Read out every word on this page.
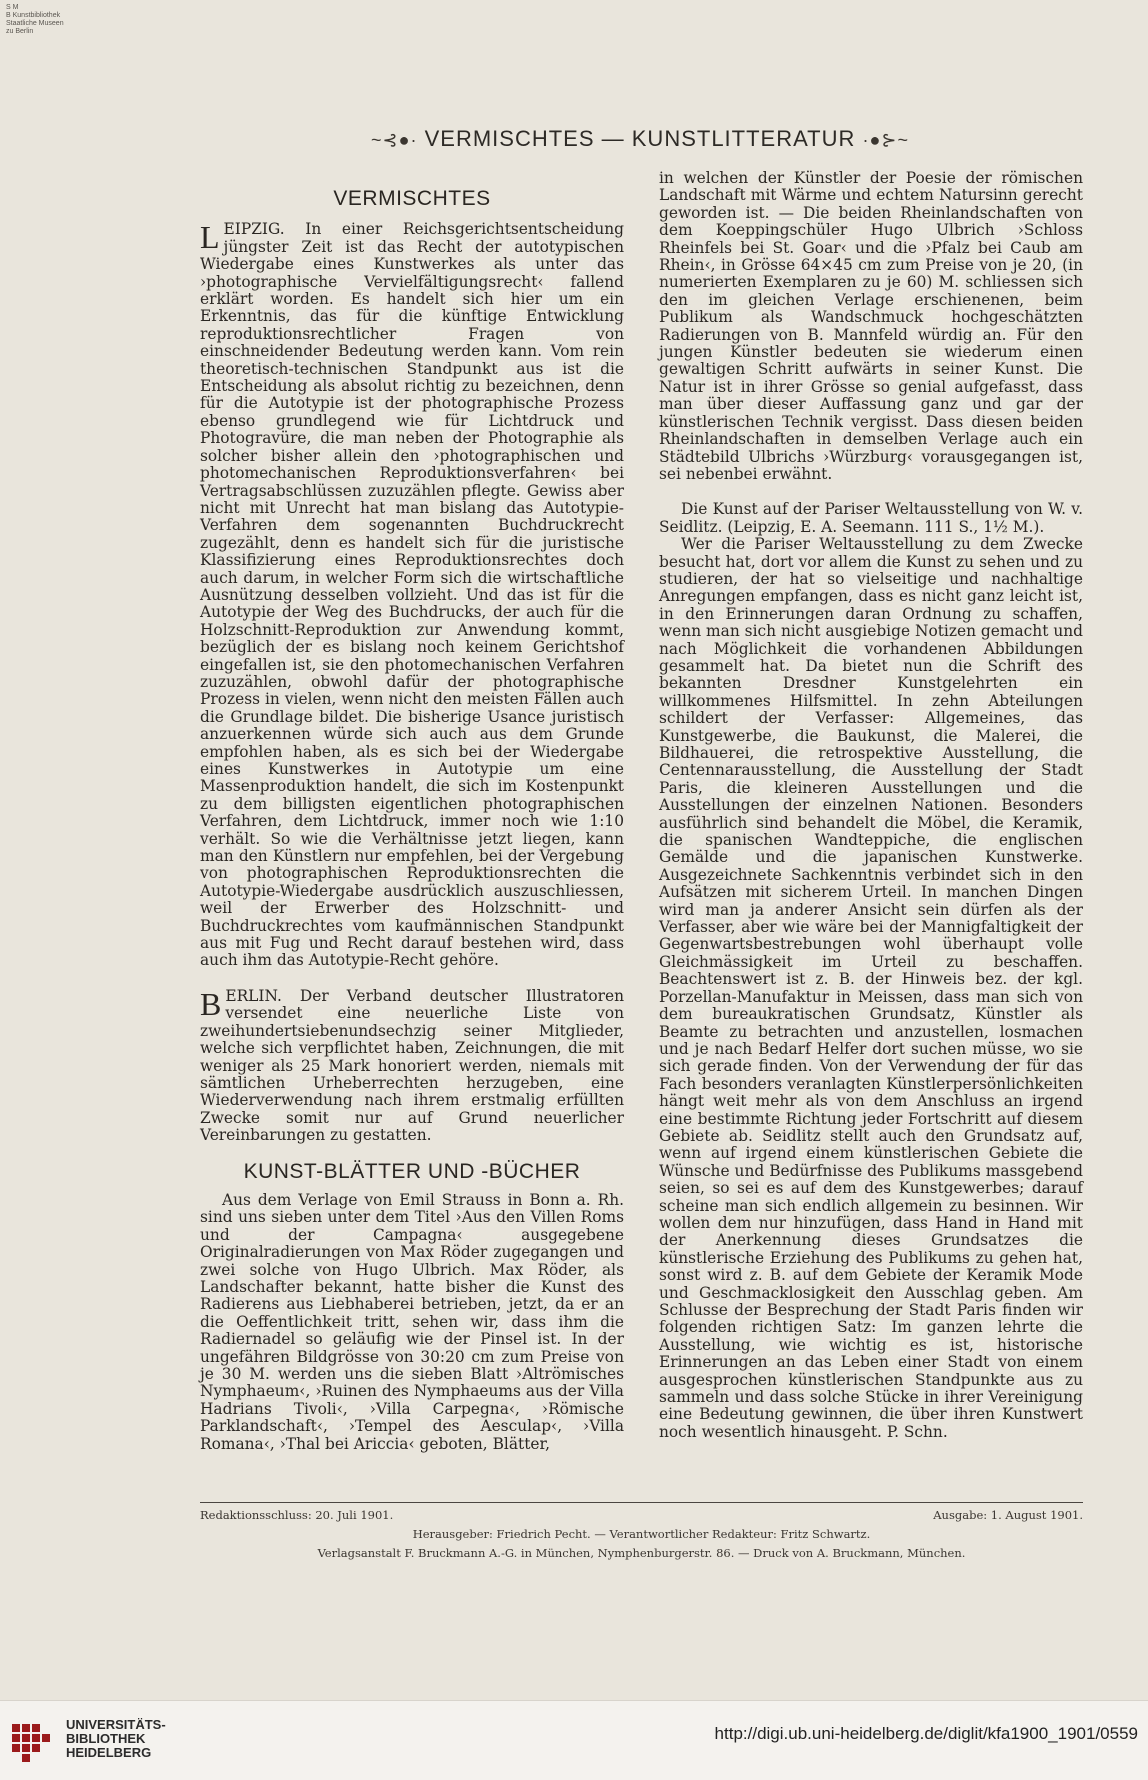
S M
B Kunstbibliothek
Staatliche Museen
zu Berlin
~⊰●· VERMISCHTES — KUNSTLITTERATUR ·●⊱~
VERMISCHTES

LEIPZIG. In einer Reichsgerichtsentscheidung jüngster Zeit ist das Recht der autotypischen Wiedergabe eines Kunstwerkes als unter das ›photographische Vervielfältigungsrecht‹ fallend erklärt worden. Es handelt sich hier um ein Erkenntnis, das für die künftige Entwicklung reproduktionsrechtlicher Fragen von einschneidender Bedeutung werden kann. Vom rein theoretisch-technischen Standpunkt aus ist die Entscheidung als absolut richtig zu bezeichnen, denn für die Autotypie ist der photographische Prozess ebenso grundlegend wie für Lichtdruck und Photogravüre, die man neben der Photographie als solcher bisher allein den ›photographischen und photomechanischen Reproduktionsverfahren‹ bei Vertragsabschlüssen zuzuzählen pflegte. Gewiss aber nicht mit Unrecht hat man bislang das Autotypie-Verfahren dem sogenannten Buchdruckrecht zugezählt, denn es handelt sich für die juristische Klassifizierung eines Reproduktionsrechtes doch auch darum, in welcher Form sich die wirtschaftliche Ausnützung desselben vollzieht. Und das ist für die Autotypie der Weg des Buchdrucks, der auch für die Holzschnitt-Reproduktion zur Anwendung kommt, bezüglich der es bislang noch keinem Gerichtshof eingefallen ist, sie den photomechanischen Verfahren zuzuzählen, obwohl dafür der photographische Prozess in vielen, wenn nicht den meisten Fällen auch die Grundlage bildet. Die bisherige Usance juristisch anzuerkennen würde sich auch aus dem Grunde empfohlen haben, als es sich bei der Wiedergabe eines Kunstwerkes in Autotypie um eine Massenproduktion handelt, die sich im Kostenpunkt zu dem billigsten eigentlichen photographischen Verfahren, dem Lichtdruck, immer noch wie 1:10 verhält. So wie die Verhältnisse jetzt liegen, kann man den Künstlern nur empfehlen, bei der Vergebung von photographischen Reproduktionsrechten die Autotypie-Wiedergabe ausdrücklich auszuschliessen, weil der Erwerber des Holzschnitt- und Buchdruckrechtes vom kaufmännischen Standpunkt aus mit Fug und Recht darauf bestehen wird, dass auch ihm das Autotypie-Recht gehöre.

BERLIN. Der Verband deutscher Illustratoren versendet eine neuerliche Liste von zweihundertsiebenundsechzig seiner Mitglieder, welche sich verpflichtet haben, Zeichnungen, die mit weniger als 25 Mark honoriert werden, niemals mit sämtlichen Urheberrechten herzugeben, eine Wiederverwendung nach ihrem erstmalig erfüllten Zwecke somit nur auf Grund neuerlicher Vereinbarungen zu gestatten.

KUNST-BLÄTTER UND -BÜCHER

Aus dem Verlage von Emil Strauss in Bonn a. Rh. sind uns sieben unter dem Titel ›Aus den Villen Roms und der Campagna‹ ausgegebene Originalradierungen von Max Röder zugegangen und zwei solche von Hugo Ulbrich. Max Röder, als Landschafter bekannt, hatte bisher die Kunst des Radierens aus Liebhaberei betrieben, jetzt, da er an die Oeffentlichkeit tritt, sehen wir, dass ihm die Radiernadel so geläufig wie der Pinsel ist. In der ungefähren Bildgrösse von 30:20 cm zum Preise von je 30 M. werden uns die sieben Blatt ›Altrömisches Nymphaeum‹, ›Ruinen des Nymphaeums aus der Villa Hadrians Tivoli‹, ›Villa Carpegna‹, ›Römische Parklandschaft‹, ›Tempel des Aesculap‹, ›Villa Romana‹, ›Thal bei Ariccia‹ geboten, Blätter,

in welchen der Künstler der Poesie der römischen Landschaft mit Wärme und echtem Natursinn gerecht geworden ist. — Die beiden Rheinlandschaften von dem Koeppingschüler Hugo Ulbrich ›Schloss Rheinfels bei St. Goar‹ und die ›Pfalz bei Caub am Rhein‹, in Grösse 64×45 cm zum Preise von je 20, (in numerierten Exemplaren zu je 60) M. schliessen sich den im gleichen Verlage erschienenen, beim Publikum als Wandschmuck hochgeschätzten Radierungen von B. Mannfeld würdig an. Für den jungen Künstler bedeuten sie wiederum einen gewaltigen Schritt aufwärts in seiner Kunst. Die Natur ist in ihrer Grösse so genial aufgefasst, dass man über dieser Auffassung ganz und gar der künstlerischen Technik vergisst. Dass diesen beiden Rheinlandschaften in demselben Verlage auch ein Städtebild Ulbrichs ›Würzburg‹ vorausgegangen ist, sei nebenbei erwähnt.

Die Kunst auf der Pariser Weltausstellung von W. v. Seidlitz. (Leipzig, E. A. Seemann. 111 S., 1½ M.).

Wer die Pariser Weltausstellung zu dem Zwecke besucht hat, dort vor allem die Kunst zu sehen und zu studieren, der hat so vielseitige und nachhaltige Anregungen empfangen, dass es nicht ganz leicht ist, in den Erinnerungen daran Ordnung zu schaffen, wenn man sich nicht ausgiebige Notizen gemacht und nach Möglichkeit die vorhandenen Abbildungen gesammelt hat. Da bietet nun die Schrift des bekannten Dresdner Kunstgelehrten ein willkommenes Hilfsmittel. In zehn Abteilungen schildert der Verfasser: Allgemeines, das Kunstgewerbe, die Baukunst, die Malerei, die Bildhauerei, die retrospektive Ausstellung, die Centennarausstellung, die Ausstellung der Stadt Paris, die kleineren Ausstellungen und die Ausstellungen der einzelnen Nationen. Besonders ausführlich sind behandelt die Möbel, die Keramik, die spanischen Wandteppiche, die englischen Gemälde und die japanischen Kunstwerke. Ausgezeichnete Sachkenntnis verbindet sich in den Aufsätzen mit sicherem Urteil. In manchen Dingen wird man ja anderer Ansicht sein dürfen als der Verfasser, aber wie wäre bei der Mannigfaltigkeit der Gegenwartsbestrebungen wohl überhaupt volle Gleichmässigkeit im Urteil zu beschaffen. Beachtenswert ist z. B. der Hinweis bez. der kgl. Porzellan-Manufaktur in Meissen, dass man sich von dem bureaukratischen Grundsatz, Künstler als Beamte zu betrachten und anzustellen, losmachen und je nach Bedarf Helfer dort suchen müsse, wo sie sich gerade finden. Von der Verwendung der für das Fach besonders veranlagten Künstlerpersönlichkeiten hängt weit mehr als von dem Anschluss an irgend eine bestimmte Richtung jeder Fortschritt auf diesem Gebiete ab. Seidlitz stellt auch den Grundsatz auf, wenn auf irgend einem künstlerischen Gebiete die Wünsche und Bedürfnisse des Publikums massgebend seien, so sei es auf dem des Kunstgewerbes; darauf scheine man sich endlich allgemein zu besinnen. Wir wollen dem nur hinzufügen, dass Hand in Hand mit der Anerkennung dieses Grundsatzes die künstlerische Erziehung des Publikums zu gehen hat, sonst wird z. B. auf dem Gebiete der Keramik Mode und Geschmacklosigkeit den Ausschlag geben. Am Schlusse der Besprechung der Stadt Paris finden wir folgenden richtigen Satz: Im ganzen lehrte die Ausstellung, wie wichtig es ist, historische Erinnerungen an das Leben einer Stadt von einem ausgesprochen künstlerischen Standpunkte aus zu sammeln und dass solche Stücke in ihrer Vereinigung eine Bedeutung gewinnen, die über ihren Kunstwert noch wesentlich hinausgeht. P. Schn.

Redaktionsschluss: 20. Juli 1901.	Ausgabe: 1. August 1901.
Herausgeber: Friedrich Pecht. — Verantwortlicher Redakteur: Fritz Schwartz.
Verlagsanstalt F. Bruckmann A.-G. in München, Nymphenburgerstr. 86. — Druck von A. Bruckmann, München.
UNIVERSITÄTS-
BIBLIOTHEK
HEIDELBERG
http://digi.ub.uni-heidelberg.de/diglit/kfa1900_1901/0559
